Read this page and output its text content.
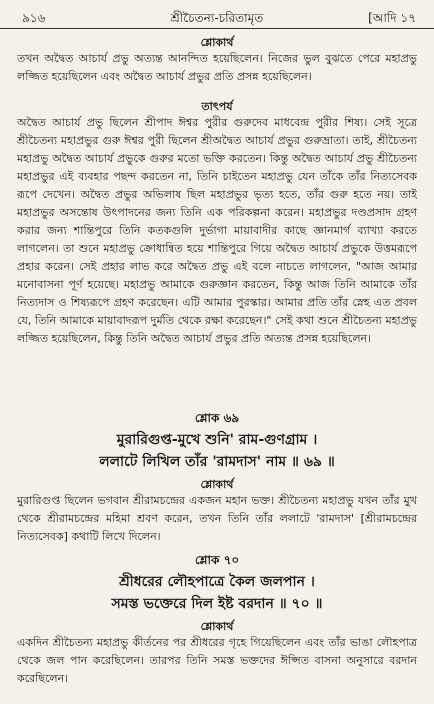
৯১৬	শ্রীচৈতন্য-চরিতামৃত	[আদি ১৭
শ্লোকার্থ
তখন অদ্বৈত আচার্য প্রভু অত্যন্ত আনন্দিত হয়েছিলেন। নিজের ভুল বুঝতে পেরে মহাপ্রভু লজ্জিত হয়েছিলেন এবং অদ্বৈত আচার্য প্রভুর প্রতি প্রসন্ন হয়েছিলেন।
তাৎপর্য
অদ্বৈত আচার্য প্রভু ছিলেন শ্রীপাদ ঈশ্বর পুরীর গুরুদেব মাধবেন্দ্র পুরীর শিষ্য। সেই সূত্রে শ্রীচৈতন্য মহাপ্রভুর গুরু ঈশ্বর পুরী ছিলেন শ্রীঅদ্বৈত আচার্য প্রভুর গুরুভ্রাতা। তাই, শ্রীচৈতন্য মহাপ্রভু অদ্বৈত আচার্য প্রভুকে গুরুর মতো ভক্তি করতেন। কিন্তু অদ্বৈত আচার্য প্রভু শ্রীচৈতন্য মহাপ্রভুর এই ব্যবহার পছন্দ করতেন না, তিনি চাইতেন মহাপ্রভু যেন তাঁকে তাঁর নিত্যসেবক রূপে দেখেন। অদ্বৈত প্রভুর অভিলাষ ছিল মহাপ্রভুর ভৃত্য হতে, তাঁর গুরু হতে নয়। তাই মহাপ্রভুর অসন্তোষ উৎপাদনের জন্য তিনি এক পরিকল্পনা করেন। মহাপ্রভুর দণ্ডপ্রসাদ গ্রহণ করার জন্য শান্তিপুরে তিনি কতকগুলি দুর্ভাগা মায়াবাদীর কাছে জ্ঞানমার্গ ব্যাখ্যা করতে লাগলেন। তা শুনে মহাপ্রভু ক্রোধান্বিত হয়ে শান্তিপুরে গিয়ে অদ্বৈত আচার্য প্রভুকে উত্তমরূপে প্রহার করেন। সেই প্রহার লাভ করে অদ্বৈত প্রভু এই বলে নাচতে লাগলেন, "আজ আমার মনোবাসনা পূর্ণ হয়েছে। মহাপ্রভু আমাকে গুরুজ্ঞান করতেন, কিন্তু আজ তিনি আমাকে তাঁর নিত্যদাস ও শিষ্যরূপে গ্রহণ করেছেন। এটি আমার পুরস্কার। আমার প্রতি তাঁর স্নেহ এত প্রবল যে, তিনি আমাকে মায়াবাদরূপ দুর্মতি থেকে রক্ষা করেছেন।" সেই কথা শুনে শ্রীচৈতন্য মহাপ্রভু লজ্জিত হয়েছিলেন, কিন্তু তিনি অদ্বৈত আচার্য প্রভুর প্রতি অত্যন্ত প্রসন্ন হয়েছিলেন।
শ্লোক ৬৯
মুরারিগুপ্ত-মুখে শুনি' রাম-গুণগ্রাম ।
ললাটে লিখিল তাঁর 'রামদাস' নাম ॥ ৬৯ ॥
শ্লোকার্থ
মুরারিগুপ্ত ছিলেন ভগবান শ্রীরামচন্দ্রের একজন মহান ভক্ত। শ্রীচৈতন্য মহাপ্রভু যখন তাঁর মুখ থেকে শ্রীরামচন্দ্রের মহিমা শ্রবণ করেন, তখন তিনি তাঁর ললাটে 'রামদাস' [শ্রীরামচন্দ্রের নিত্যসেবক] কথাটি লিখে দিলেন।
শ্লোক ৭০
শ্রীধরের লৌহপাত্রে কৈল জলপান ।
সমস্ত ভক্তেরে দিল ইষ্ট বরদান ॥ ৭০ ॥
শ্লোকার্থ
একদিন শ্রীচৈতন্য মহাপ্রভু কীর্তনের পর শ্রীধরের গৃহে গিয়েছিলেন এবং তাঁর ভাঙা লৌহপাত্র থেকে জল পান করেছিলেন। তারপর তিনি সমস্ত ভক্তদের ঈপ্সিত বাসনা অনুসারে বরদান করেছিলেন।
